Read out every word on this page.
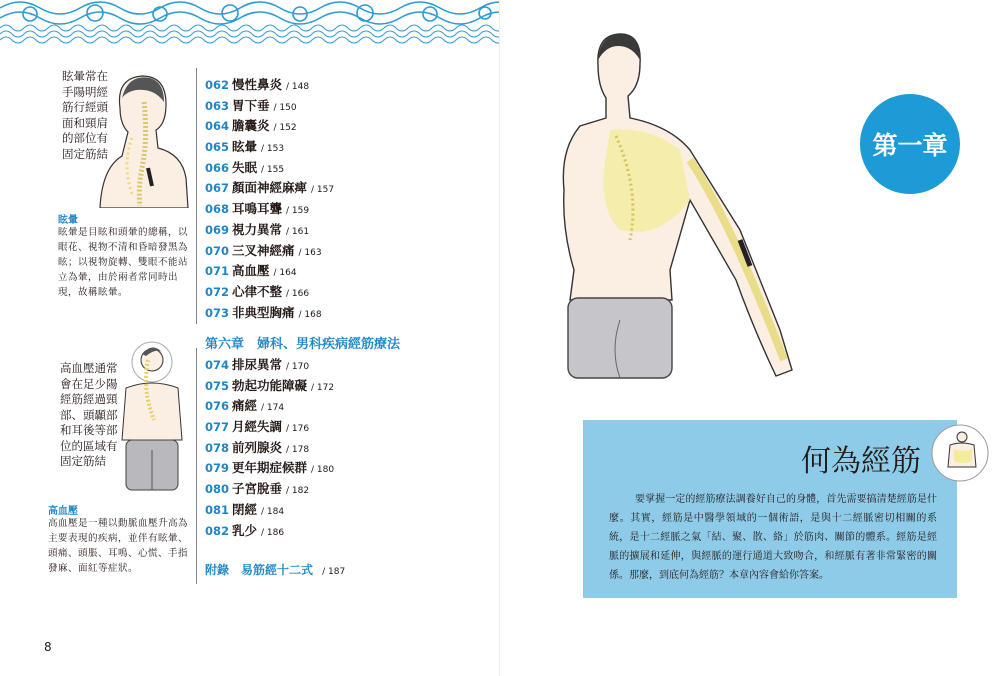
眩暈常在
手陽明經
筋行經頭
面和頸肩
的部位有
固定筋結
眩暈
眩暈是目眩和頭暈的總稱，以眼花、視物不清和昏暗發黑為眩；以視物旋轉、雙眼不能站立為暈，由於兩者常同時出現，故稱眩暈。
高血壓通常
會在足少陽
經筋經過頸
部、頭顳部
和耳後等部
位的區域有
固定筋結
高血壓
高血壓是一種以動脈血壓升高為主要表現的疾病，並伴有眩暈、頭痛、頭脹、耳鳴、心慌、手指發麻、面紅等症狀。
062 慢性鼻炎 / 148
063 胃下垂 / 150
064 膽囊炎 / 152
065 眩暈 / 153
066 失眠 / 155
067 顏面神經麻痺 / 157
068 耳鳴耳聾 / 159
069 視力異常 / 161
070 三叉神經痛 / 163
071 高血壓 / 164
072 心律不整 / 166
073 非典型胸痛 / 168
第六章　婦科、男科疾病經筋療法
074 排尿異常 / 170
075 勃起功能障礙 / 172
076 痛經 / 174
077 月經失調 / 176
078 前列腺炎 / 178
079 更年期症候群 / 180
080 子宮脫垂 / 182
081 閉經 / 184
082 乳少 / 186
附錄　易筋經十二式 / 187
8
第一章
何為經筋
要掌握一定的經筋療法調養好自己的身體，首先需要搞清楚經筋是什麼。其實，經筋是中醫學領域的一個術語，是與十二經脈密切相關的系統，是十二經脈之氣「結、聚、散、絡」於筋肉、關節的體系。經筋是經脈的擴展和延伸，與經脈的運行通道大致吻合，和經脈有著非常緊密的關係。那麼，到底何為經筋？本章內容會給你答案。
